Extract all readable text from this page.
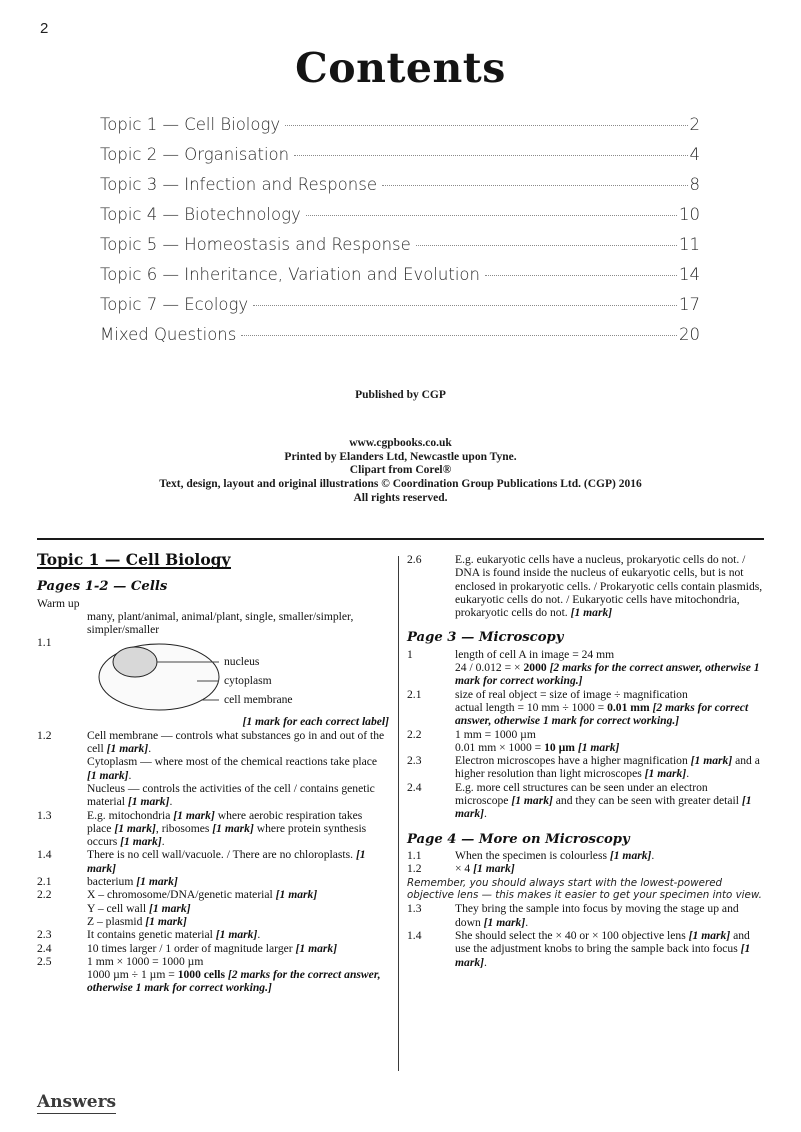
2
Contents
Topic 1 — Cell Biology	2
Topic 2 — Organisation	4
Topic 3 — Infection and Response	8
Topic 4 — Biotechnology	10
Topic 5 — Homeostasis and Response	11
Topic 6 — Inheritance, Variation and Evolution	14
Topic 7 — Ecology	17
Mixed Questions	20
Published by CGP
www.cgpbooks.co.uk
Printed by Elanders Ltd, Newcastle upon Tyne.
Clipart from Corel®
Text, design, layout and original illustrations © Coordination Group Publications Ltd. (CGP) 2016
All rights reserved.
Topic 1 — Cell Biology
Pages 1-2 — Cells

Warm up

many, plant/animal, animal/plant, single, smaller/simpler, simpler/smaller

1.1
nucleus
cytoplasm
cell membrane

[1 mark for each correct label]

1.2	Cell membrane — controls what substances go in and out of the cell [1 mark].

Cytoplasm — where most of the chemical reactions take place [1 mark].

Nucleus — controls the activities of the cell / contains genetic material [1 mark].

1.3	E.g. mitochondria [1 mark] where aerobic respiration takes place [1 mark], ribosomes [1 mark] where protein synthesis occurs [1 mark].

1.4	There is no cell wall/vacuole. / There are no chloroplasts. [1 mark]

2.1	bacterium [1 mark]

2.2	X – chromosome/DNA/genetic material [1 mark]

Y – cell wall [1 mark]

Z – plasmid [1 mark]

2.3	It contains genetic material [1 mark].

2.4	10 times larger / 1 order of magnitude larger [1 mark]

2.5	1 mm × 1000 = 1000 µm

1000 µm ÷ 1 µm = 1000 cells [2 marks for the correct answer, otherwise 1 mark for correct working.]

2.6	E.g. eukaryotic cells have a nucleus, prokaryotic cells do not. / DNA is found inside the nucleus of eukaryotic cells, but is not enclosed in prokaryotic cells. / Prokaryotic cells contain plasmids, eukaryotic cells do not. / Eukaryotic cells have mitochondria, prokaryotic cells do not. [1 mark]

Page 3 — Microscopy
1	length of cell A in image = 24 mm

24 / 0.012 = × 2000 [2 marks for the correct answer, otherwise 1 mark for correct working.]

2.1	size of real object = size of image ÷ magnification

actual length = 10 mm ÷ 1000 = 0.01 mm [2 marks for correct answer, otherwise 1 mark for correct working.]

2.2	1 mm = 1000 µm

0.01 mm × 1000 = 10 µm [1 mark]

2.3	Electron microscopes have a higher magnification [1 mark] and a higher resolution than light microscopes [1 mark].

2.4	E.g. more cell structures can be seen under an electron microscope [1 mark] and they can be seen with greater detail [1 mark].

Page 4 — More on Microscopy
1.1	When the specimen is colourless [1 mark].

1.2	× 4 [1 mark]

Remember, you should always start with the lowest-powered objective lens — this makes it easier to get your specimen into view.

1.3	They bring the sample into focus by moving the stage up and down [1 mark].

1.4	She should select the × 40 or × 100 objective lens [1 mark] and use the adjustment knobs to bring the sample back into focus [1 mark].

Answers
